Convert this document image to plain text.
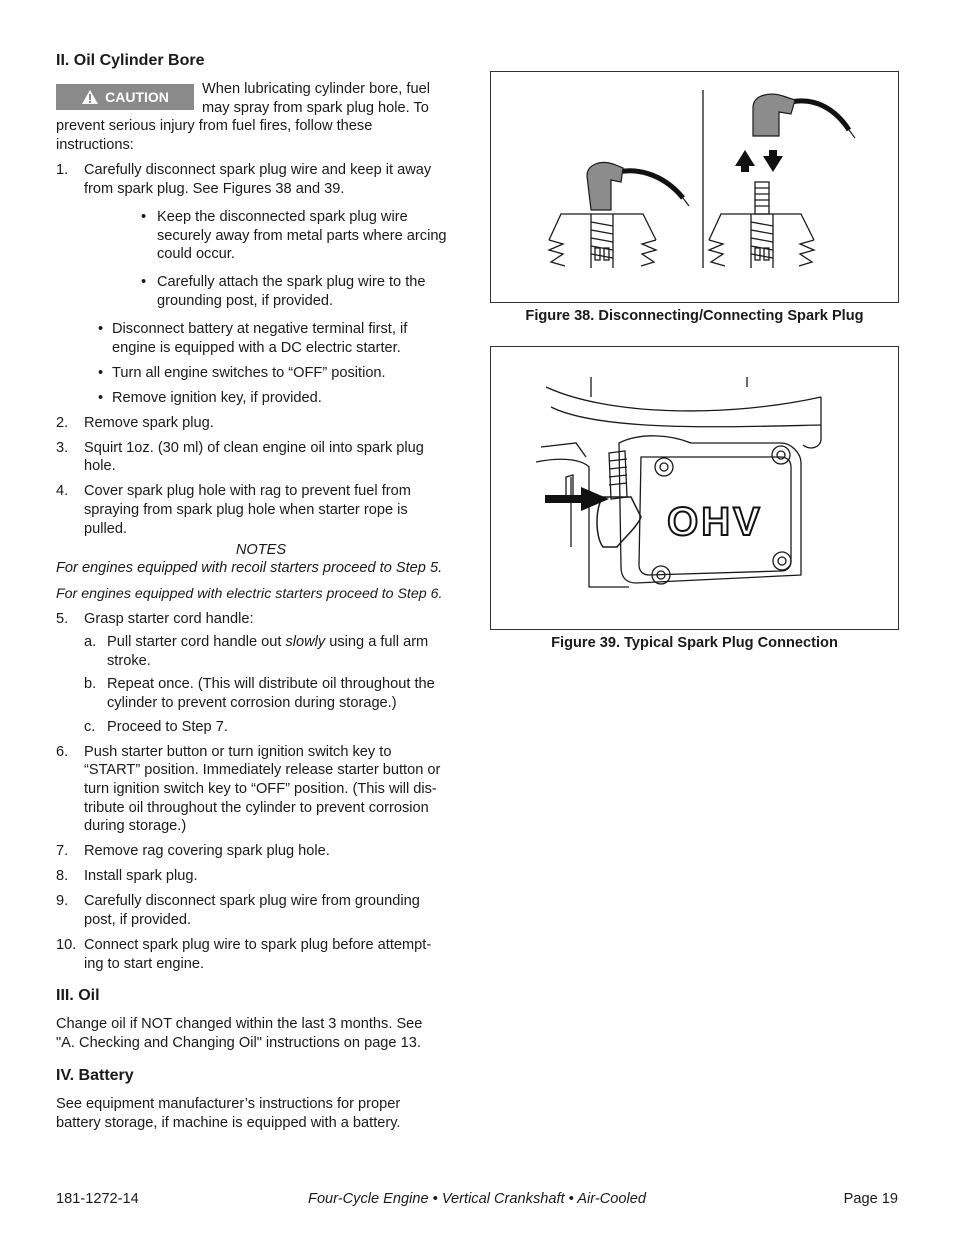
II. Oil Cylinder Bore
CAUTION When lubricating cylinder bore, fuel
may spray from spark plug hole. To
prevent serious injury from fuel fires, follow these
instructions:
1. Carefully disconnect spark plug wire and keep it away
from spark plug. See Figures 38 and 39.
• Keep the disconnected spark plug wire
securely away from metal parts where arcing
could occur.
• Carefully attach the spark plug wire to the
grounding post, if provided.
• Disconnect battery at negative terminal first, if
engine is equipped with a DC electric starter.
• Turn all engine switches to “OFF” position.
• Remove ignition key, if provided.
2. Remove spark plug.
3. Squirt 1oz. (30 ml) of clean engine oil into spark plug
hole.
4. Cover spark plug hole with rag to prevent fuel from
spraying from spark plug hole when starter rope is
pulled.
NOTES
For engines equipped with recoil starters proceed to Step 5.
For engines equipped with electric starters proceed to Step 6.
5. Grasp starter cord handle:
a. Pull starter cord handle out slowly using a full arm
stroke.
b. Repeat once. (This will distribute oil throughout the
cylinder to prevent corrosion during storage.)
c. Proceed to Step 7.
6. Push starter button or turn ignition switch key to
“START” position. Immediately release starter button or
turn ignition switch key to “OFF” position. (This will dis-
tribute oil throughout the cylinder to prevent corrosion
during storage.)
7. Remove rag covering spark plug hole.
8. Install spark plug.
9. Carefully disconnect spark plug wire from grounding
post, if provided.
10. Connect spark plug wire to spark plug before attempt-
ing to start engine.
III. Oil
Change oil if NOT changed within the last 3 months. See
"A. Checking and Changing Oil" instructions on page 13.
IV. Battery
See equipment manufacturer’s instructions for proper
battery storage, if machine is equipped with a battery.
Figure 38. Disconnecting/Connecting Spark Plug
OHV
Figure 39. Typical Spark Plug Connection
181-1272-14	Four-Cycle Engine • Vertical Crankshaft • Air-Cooled	Page 19
